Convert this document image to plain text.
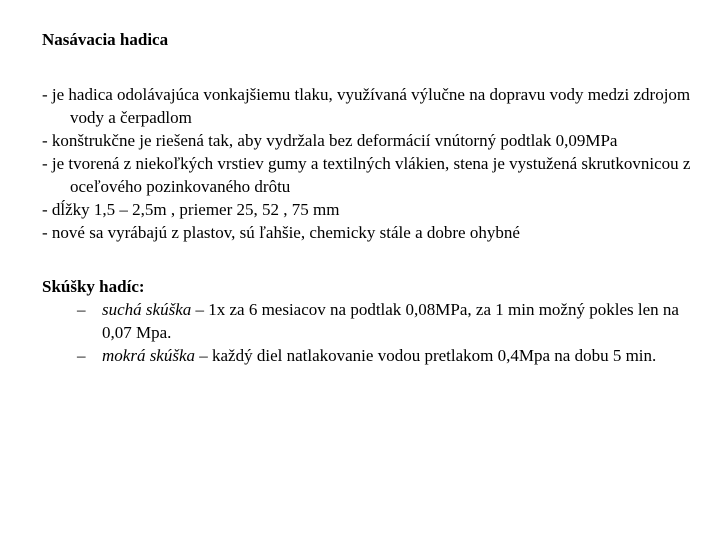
Nasávacia hadica

- je hadica odolávajúca vonkajšiemu tlaku, využívaná výlučne na dopravu vody medzi zdrojom vody a čerpadlom

- konštrukčne je riešená tak, aby vydržala bez deformácií vnútorný podtlak 0,09MPa

- je tvorená z niekoľkých vrstiev gumy a textilných vlákien, stena je vystužená skrutkovnicou z oceľového pozinkovaného drôtu

- dĺžky 1,5 – 2,5m , priemer 25, 52 , 75 mm

- nové sa vyrábajú z plastov, sú ľahšie, chemicky stále a dobre ohybné

Skúšky hadíc:

– suchá skúška – 1x za 6 mesiacov na podtlak 0,08MPa, za 1 min možný pokles len na 0,07 Mpa.

– mokrá skúška – každý diel natlakovanie vodou pretlakom 0,4Mpa na dobu 5 min.
